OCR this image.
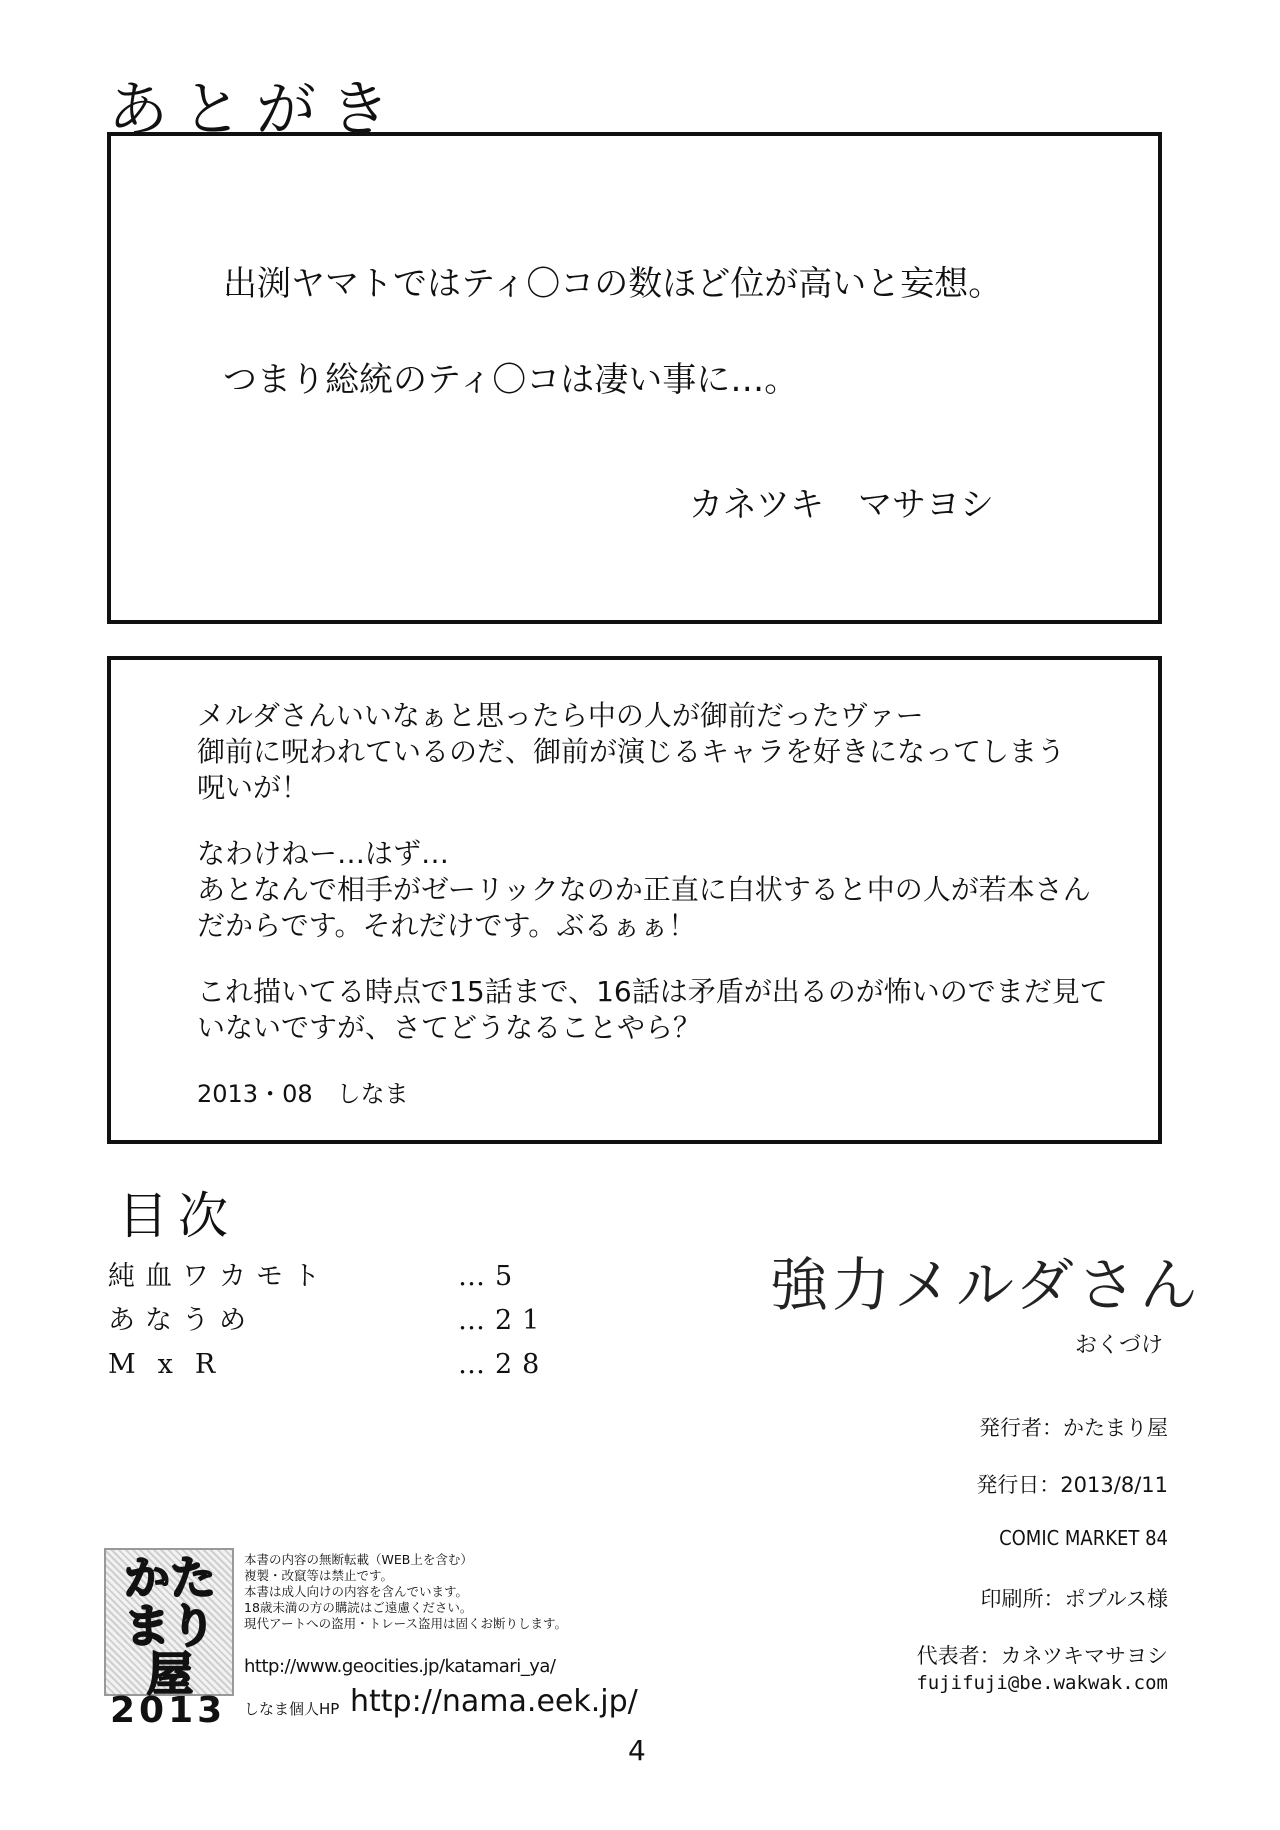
あとがき
出渕ヤマトではティ〇コの数ほど位が高いと妄想。
つまり総統のティ〇コは凄い事に…。
カネツキ　マサヨシ

メルダさんいいなぁと思ったら中の人が御前だったヴァー
御前に呪われているのだ、御前が演じるキャラを好きになってしまう
呪いが！

なわけねー…はず…
あとなんで相手がゼーリックなのか正直に白状すると中の人が若本さん
だからです。それだけです。ぶるぁぁ！

これ描いてる時点で15話まで、16話は矛盾が出るのが怖いのでまだ見て
いないですが、さてどうなることやら？

2013・08　しなま

目次
純血ワカモト	…5
あなうめ	…21
MxR	…28
強力メルダさん
おくづけ
発行者：かたまり屋
発行日：2013/8/11
COMIC MARKET 84
印刷所：ポプルス様
代表者：カネツキマサヨシ
fujifuji@be.wakwak.com
かたまり屋
2013
本書の内容の無断転載（WEB上を含む）
複製・改竄等は禁止です。
本書は成人向けの内容を含んでいます。
18歳未満の方の購読はご遠慮ください。
現代アートへの盗用・トレース盗用は固くお断りします。
http://www.geocities.jp/katamari_ya/
しなま個人HP http://nama.eek.jp/
4
